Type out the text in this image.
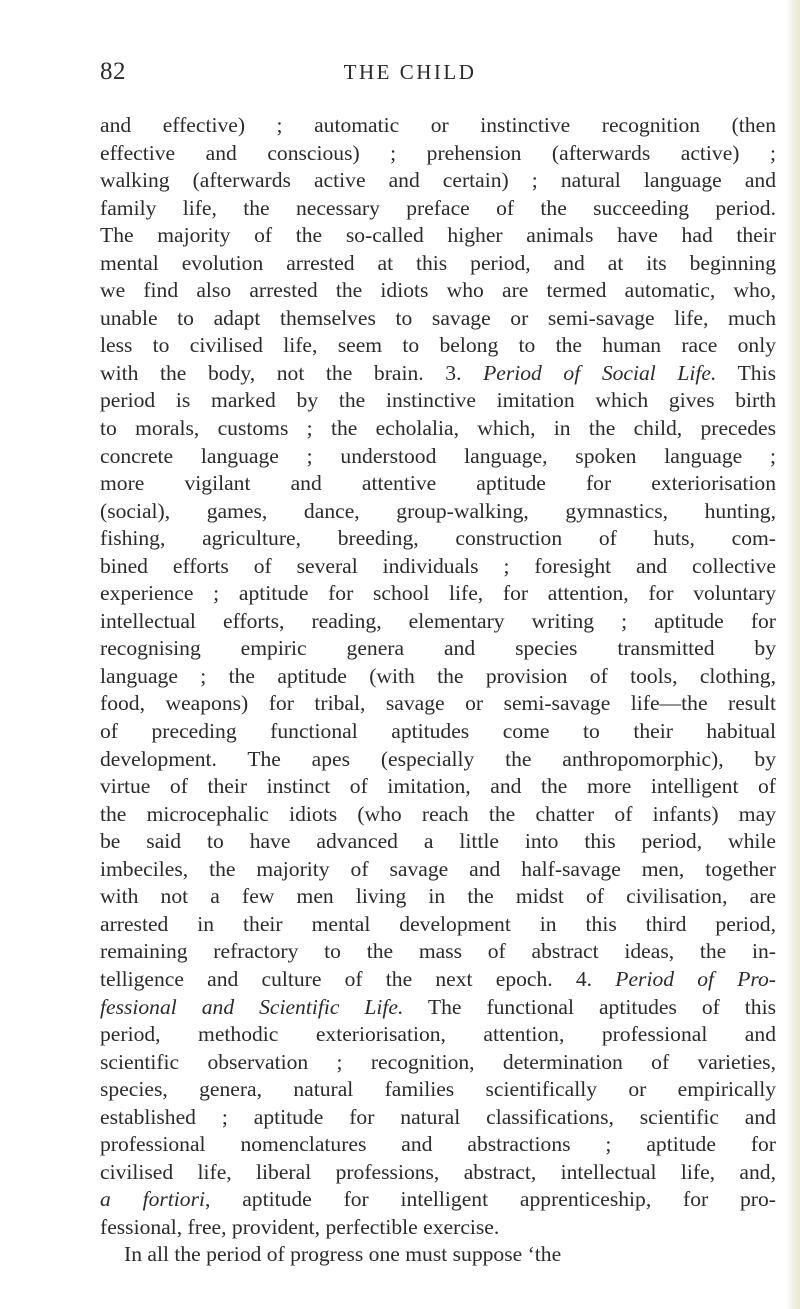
82	THE CHILD
and effective) ; automatic or instinctive recognition (then
effective and conscious) ; prehension (afterwards active) ;
walking (afterwards active and certain) ; natural language and
family life, the necessary preface of the succeeding period.
The majority of the so-called higher animals have had their
mental evolution arrested at this period, and at its beginning
we find also arrested the idiots who are termed automatic, who,
unable to adapt themselves to savage or semi-savage life, much
less to civilised life, seem to belong to the human race only
with the body, not the brain. 3. Period of Social Life. This
period is marked by the instinctive imitation which gives birth
to morals, customs ; the echolalia, which, in the child, precedes
concrete language ; understood language, spoken language ;
more vigilant and attentive aptitude for exteriorisation
(social), games, dance, group-walking, gymnastics, hunting,
fishing, agriculture, breeding, construction of huts, com-
bined efforts of several individuals ; foresight and collective
experience ; aptitude for school life, for attention, for voluntary
intellectual efforts, reading, elementary writing ; aptitude for
recognising empiric genera and species transmitted by
language ; the aptitude (with the provision of tools, clothing,
food, weapons) for tribal, savage or semi-savage life—the result
of preceding functional aptitudes come to their habitual
development. The apes (especially the anthropomorphic), by
virtue of their instinct of imitation, and the more intelligent of
the microcephalic idiots (who reach the chatter of infants) may
be said to have advanced a little into this period, while
imbeciles, the majority of savage and half-savage men, together
with not a few men living in the midst of civilisation, are
arrested in their mental development in this third period,
remaining refractory to the mass of abstract ideas, the in-
telligence and culture of the next epoch. 4. Period of Pro-
fessional and Scientific Life. The functional aptitudes of this
period, methodic exteriorisation, attention, professional and
scientific observation ; recognition, determination of varieties,
species, genera, natural families scientifically or empirically
established ; aptitude for natural classifications, scientific and
professional nomenclatures and abstractions ; aptitude for
civilised life, liberal professions, abstract, intellectual life, and,
a fortiori, aptitude for intelligent apprenticeship, for pro-
fessional, free, provident, perfectible exercise.
In all the period of progress one must suppose ‘the
